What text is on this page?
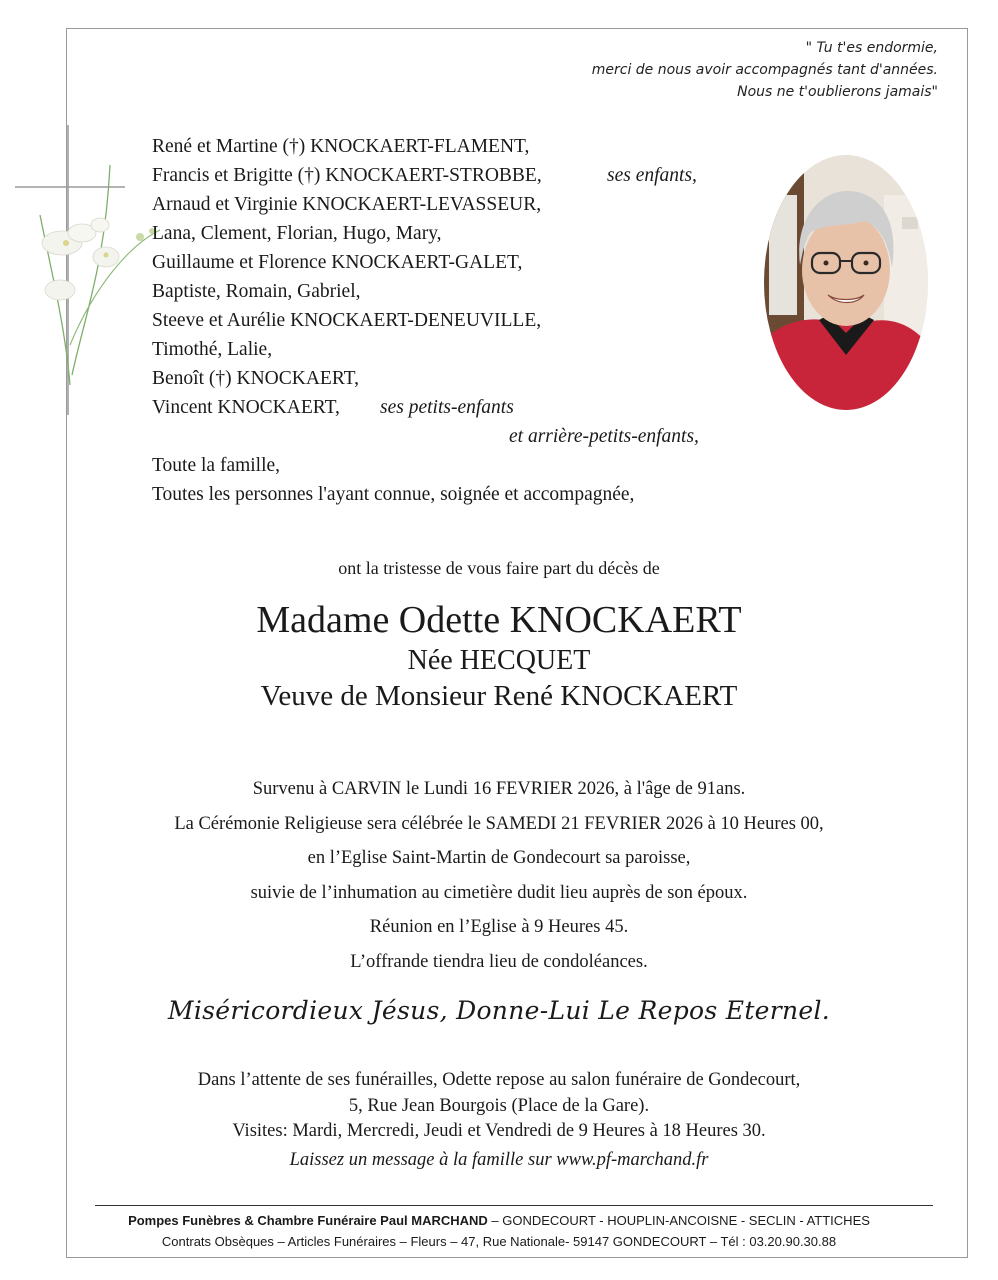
" Tu t'es endormie,
merci de nous avoir accompagnés tant d'années.
Nous ne t'oublierons jamais"
René et Martine (†) KNOCKAERT-FLAMENT,
Francis et Brigitte (†) KNOCKAERT-STROBBE,	ses enfants,
Arnaud et Virginie KNOCKAERT-LEVASSEUR,
Lana, Clement, Florian, Hugo, Mary,
Guillaume et Florence KNOCKAERT-GALET,
Baptiste, Romain, Gabriel,
Steeve et Aurélie KNOCKAERT-DENEUVILLE,
Timothé, Lalie,
Benoît (†) KNOCKAERT,
Vincent KNOCKAERT, ses petits-enfants
et arrière-petits-enfants,
Toute la famille,
Toutes les personnes l'ayant connue, soignée et accompagnée,
ont la tristesse de vous faire part du décès de
Madame Odette KNOCKAERT
Née HECQUET
Veuve de Monsieur René KNOCKAERT
Survenu à CARVIN le Lundi 16 FEVRIER 2026, à l'âge de 91ans.
La Cérémonie Religieuse sera célébrée le SAMEDI 21 FEVRIER 2026 à 10 Heures 00,
en l’Eglise Saint-Martin de Gondecourt sa paroisse,
suivie de l’inhumation au cimetière dudit lieu auprès de son époux.
Réunion en l’Eglise à 9 Heures 45.
L’offrande tiendra lieu de condoléances.
Miséricordieux Jésus, Donne-Lui Le Repos Eternel.
Dans l’attente de ses funérailles, Odette repose au salon funéraire de Gondecourt,
5, Rue Jean Bourgois (Place de la Gare).
Visites: Mardi, Mercredi, Jeudi et Vendredi de 9 Heures à 18 Heures 30.
Laissez un message à la famille sur www.pf-marchand.fr
Pompes Funèbres & Chambre Funéraire Paul MARCHAND – GONDECOURT - HOUPLIN-ANCOISNE - SECLIN - ATTICHES
Contrats Obsèques – Articles Funéraires – Fleurs – 47, Rue Nationale- 59147 GONDECOURT – Tél : 03.20.90.30.88
